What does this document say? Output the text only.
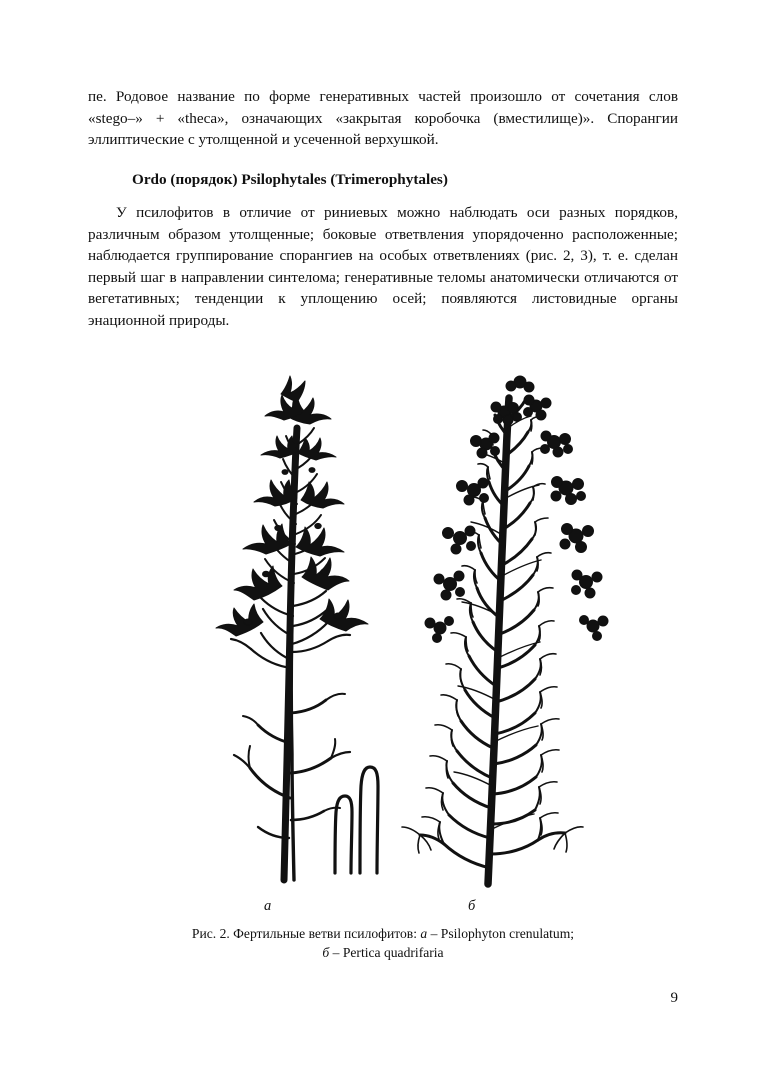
пе. Родовое название по форме генеративных частей произошло от сочетания слов «stego–» + «theca», означающих «закрытая коробочка (вместилище)». Спорангии эллиптические с утолщенной и усеченной верхушкой.

Ordo (порядок) Psilophytales (Trimerophytales)

У псилофитов в отличие от риниевых можно наблюдать оси разных порядков, различным образом утолщенные; боковые ответвления упорядоченно расположенные; наблюдается группирование спорангиев на особых ответвлениях (рис. 2, 3), т. е. сделан первый шаг в направлении синтелома; генеративные теломы анатомически отличаются от вегетативных; тенденции к уплощению осей; появляются листовидные органы энационной природы.

а	б
Рис. 2. Фертильные ветви псилофитов: а – Psilophyton crenulatum;
б – Pertica quadrifaria
9
